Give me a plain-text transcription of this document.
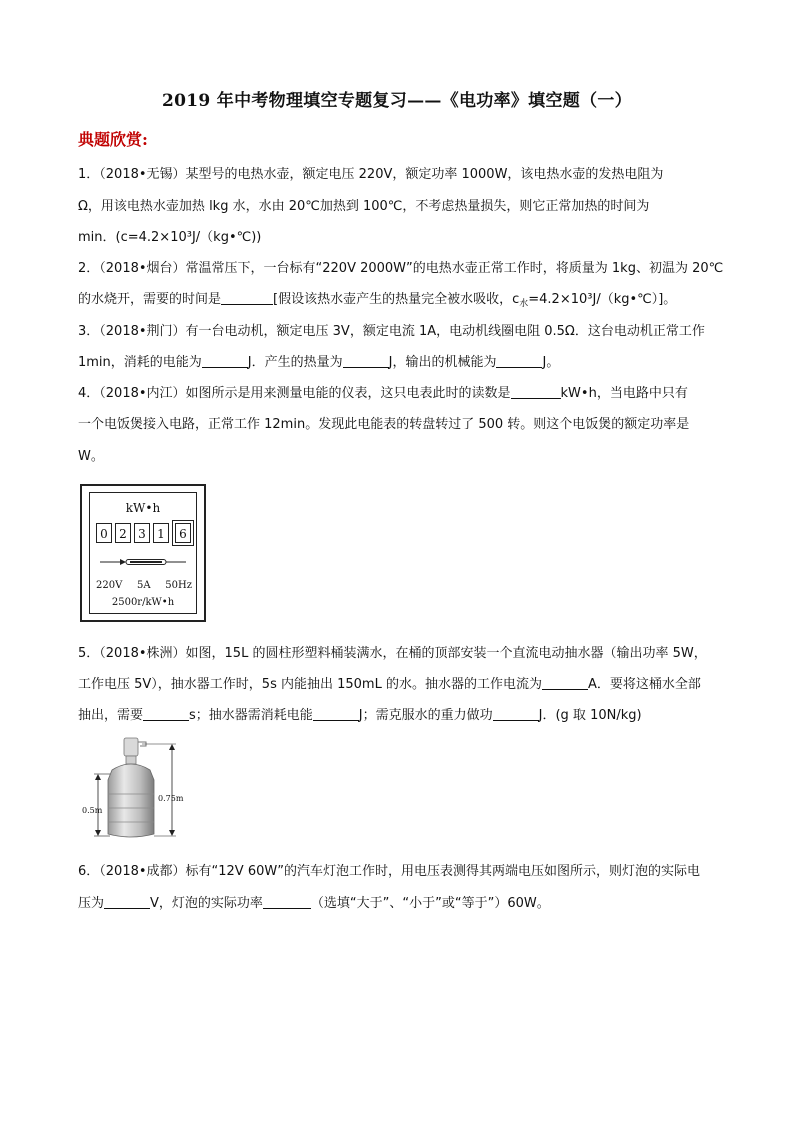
2019 年中考物理填空专题复习——《电功率》填空题（一）
典题欣赏:
1．（2018•无锡）某型号的电热水壶，额定电压 220V，额定功率 1000W，该电热水壶的发热电阻为
Ω，用该电热水壶加热 lkg 水，水由 20℃加热到 100℃，不考虑热量损失，则它正常加热的时间为
min．(c=4.2×10³J/（kg•℃))
2．（2018•烟台）常温常压下，一台标有“220V 2000W”的电热水壶正常工作时，将质量为 1kg、初温为 20℃
的水烧开，需要的时间是	[假设该热水壶产生的热量完全被水吸收，$c_水=4.2\times 10^3J/(kg•℃)$]。
3．（2018•荆门）有一台电动机，额定电压 3V，额定电流 1A，电动机线圈电阻 0.5Ω．这台电动机正常工作
1min，消耗的电能为	J．产生的热量为	J，输出的机械能为	J。
4．（2018•内江）如图所示是用来测量电能的仪表，这只电表此时的读数是	kW•h，当电路中只有
一个电饭煲接入电路，正常工作 12min。发现此电能表的转盘转过了 500 转。则这个电饭煲的额定功率是
W。
kW•h
0 2 3 1	6
220V 5A 50Hz
2500r/kW•h
5．（2018•株洲）如图，15L 的圆柱形塑料桶装满水，在桶的顶部安装一个直流电动抽水器（输出功率 5W，
工作电压 5V），抽水器工作时，5s 内能抽出 150mL 的水。抽水器的工作电流为	A．要将这桶水全部
抽出，需要	s；抽水器需消耗电能	J；需克服水的重力做功	J．(g 取 10N/kg)
0.5m
0.75m
6．（2018•成都）标有“12V 60W”的汽车灯泡工作时，用电压表测得其两端电压如图所示，则灯泡的实际电
压为	V，灯泡的实际功率	（选填“大于”、“小于”或“等于”）60W。
